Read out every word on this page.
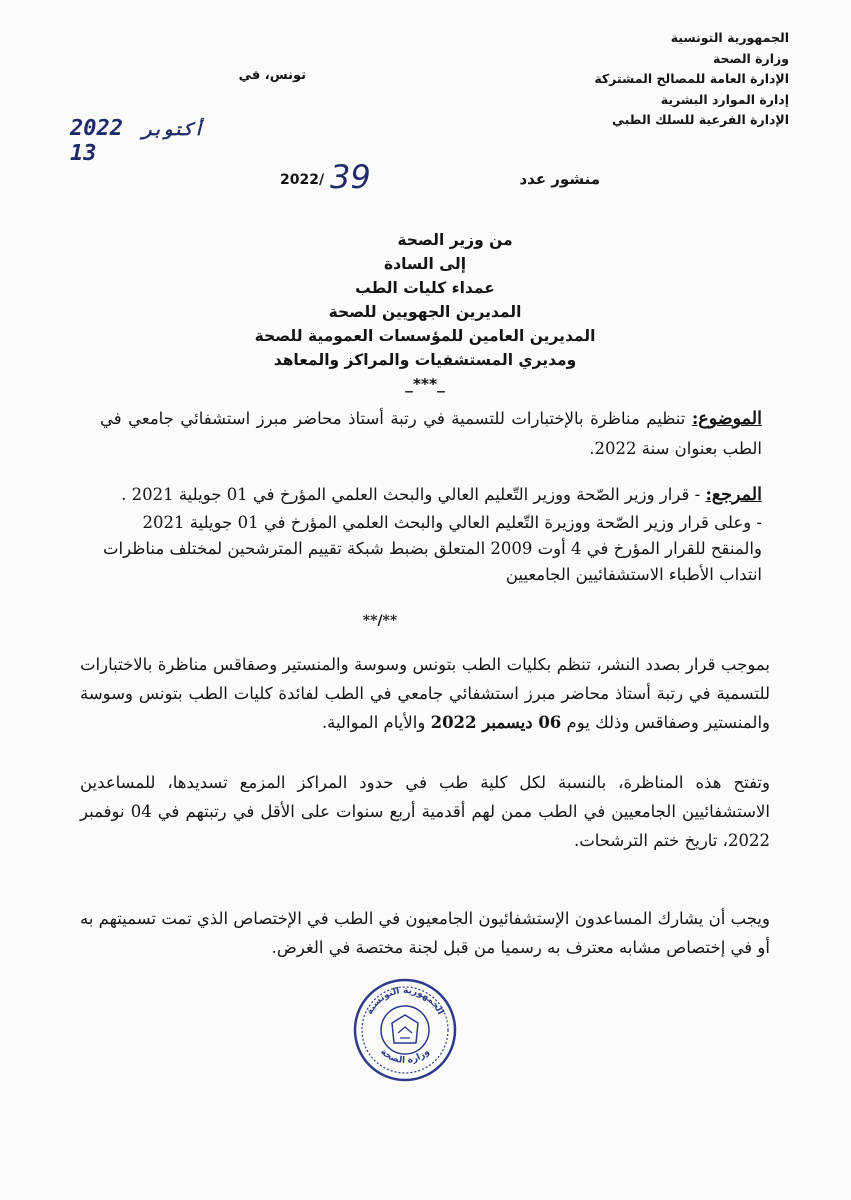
الجمهورية التونسية
وزارة الصحة
الإدارة العامة للمصالح المشتركة
إدارة الموارد البشرية
الإدارة الفرعية للسلك الطبي
تونس، في
2022 أكتوبر 13
منشور عدد
39
2022/
من وزير الصحة
إلى السادة
عمداء كليات الطب
المديرين الجهويين للصحة
المديرين العامين للمؤسسات العمومية للصحة
ومديري المستشفيات والمراكز والمعاهد
_***_
الموضوع: تنظيم مناظرة بالإختبارات للتسمية في رتبة أستاذ محاضر مبرز استشفائي جامعي في الطب بعنوان سنة 2022.

المرجع: - قرار وزير الصّحة ووزير التّعليم العالي والبحث العلمي المؤرخ في 01 جويلية 2021 .

- وعلى قرار وزير الصّحة ووزيرة التّعليم العالي والبحث العلمي المؤرخ في 01 جويلية 2021 والمنقح للقرار المؤرخ في 4 أوت 2009 المتعلق بضبط شبكة تقييم المترشحين لمختلف مناظرات انتداب الأطباء الاستشفائيين الجامعيين

**/**
بموجب قرار بصدد النشر، تنظم بكليات الطب بتونس وسوسة والمنستير وصفاقس مناظرة بالاختبارات للتسمية في رتبة أستاذ محاضر مبرز استشفائي جامعي في الطب لفائدة كليات الطب بتونس وسوسة والمنستير وصفاقس وذلك يوم 06 ديسمبر 2022 والأيام الموالية.
وتفتح هذه المناظرة، بالنسبة لكل كلية طب في حدود المراكز المزمع تسديدها، للمساعدين الاستشفائيين الجامعيين في الطب ممن لهم أقدمية أربع سنوات على الأقل في رتبتهم في 04 نوفمبر 2022، تاريخ ختم الترشحات.
ويجب أن يشارك المساعدون الإستشفائيون الجامعيون في الطب في الإختصاص الذي تمت تسميتهم به أو في إختصاص مشابه معترف به رسميا من قبل لجنة مختصة في الغرض.
الجمهورية التونسية
وزارة الصحة
